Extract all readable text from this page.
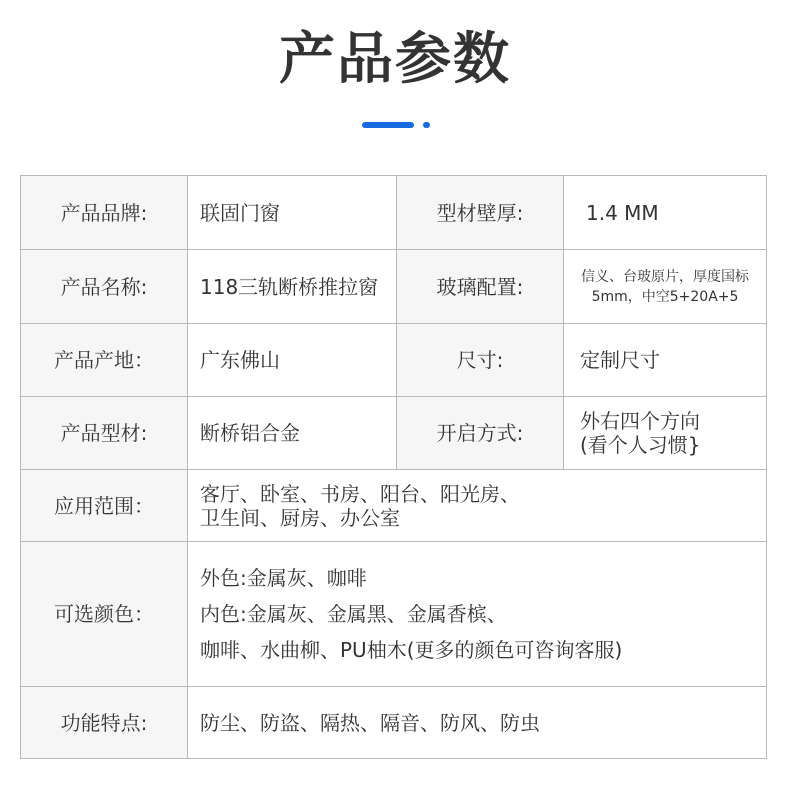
产品参数
产品品牌:	联固门窗	型材壁厚:	1.4 MM
产品名称:	118三轨断桥推拉窗	玻璃配置:	信义、台玻原片，厚度国标
5mm，中空5+20A+5
产品产地：	广东佛山	尺寸:	定制尺寸
产品型材:	断桥铝合金	开启方式:	外右四个方向
(看个人习惯}
应用范围：	客厅、卧室、书房、阳台、阳光房、
卫生间、厨房、办公室
可选颜色：
外色:金属灰、咖啡
内色:金属灰、金属黑、金属香槟、
咖啡、水曲柳、PU柚木(更多的颜色可咨询客服)
功能特点:	防尘、防盗、隔热、隔音、防风、防虫
